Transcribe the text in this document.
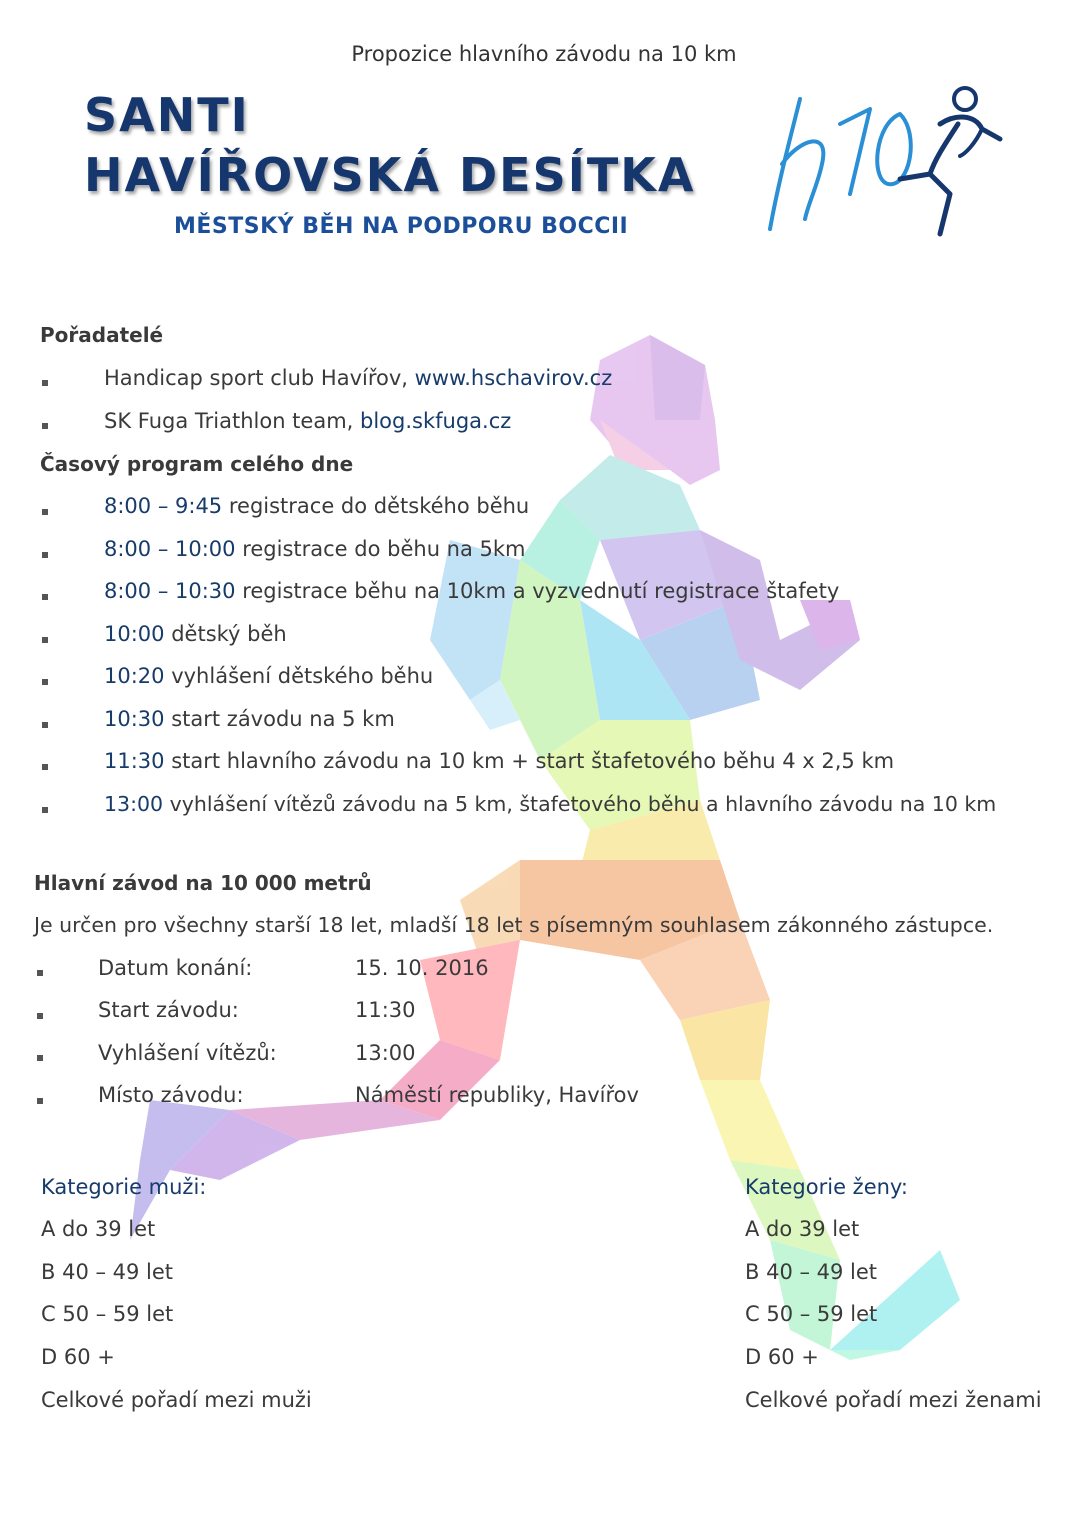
Propozice hlavního závodu na 10 km
SANTI
HAVÍŘOVSKÁ DESÍTKA
MĚSTSKÝ BĚH NA PODPORU BOCCII
Pořadatelé
Handicap sport club Havířov, www.hschavirov.cz
SK Fuga Triathlon team, blog.skfuga.cz
Časový program celého dne
8:00 – 9:45 registrace do dětského běhu
8:00 – 10:00 registrace do běhu na 5km
8:00 – 10:30 registrace běhu na 10km a vyzvednutí registrace štafety
10:00 dětský běh
10:20 vyhlášení dětského běhu
10:30 start závodu na 5 km
11:30 start hlavního závodu na 10 km + start štafetového běhu 4 x 2,5 km
13:00 vyhlášení vítězů závodu na 5 km, štafetového běhu a hlavního závodu na 10 km
Hlavní závod na 10 000 metrů
Je určen pro všechny starší 18 let, mladší 18 let s písemným souhlasem zákonného zástupce.
Datum konání:	15. 10. 2016
Start závodu:	11:30
Vyhlášení vítězů:	13:00
Místo závodu:	Náměstí republiky, Havířov
Kategorie muži:
A do 39 let
B 40 – 49 let
C 50 – 59 let
D 60 +
Celkové pořadí mezi muži
Kategorie ženy:
A do 39 let
B 40 – 49 let
C 50 – 59 let
D 60 +
Celkové pořadí mezi ženami
